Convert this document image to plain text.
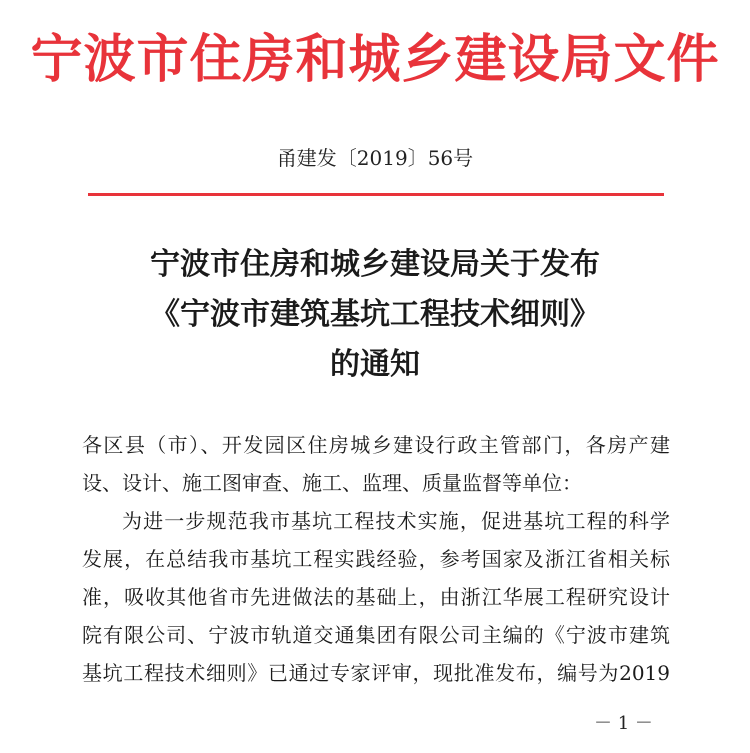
宁波市住房和城乡建设局文件
甬建发〔2019〕56号
宁波市住房和城乡建设局关于发布
《宁波市建筑基坑工程技术细则》
的通知
各区县（市）、开发园区住房城乡建设行政主管部门，各房产建
设、设计、施工图审查、施工、监理、质量监督等单位：
为进一步规范我市基坑工程技术实施，促进基坑工程的科学
发展，在总结我市基坑工程实践经验，参考国家及浙江省相关标
准，吸收其他省市先进做法的基础上，由浙江华展工程研究设计
院有限公司、宁波市轨道交通集团有限公司主编的《宁波市建筑
基坑工程技术细则》已通过专家评审，现批准发布，编号为2019
－ 1 －
